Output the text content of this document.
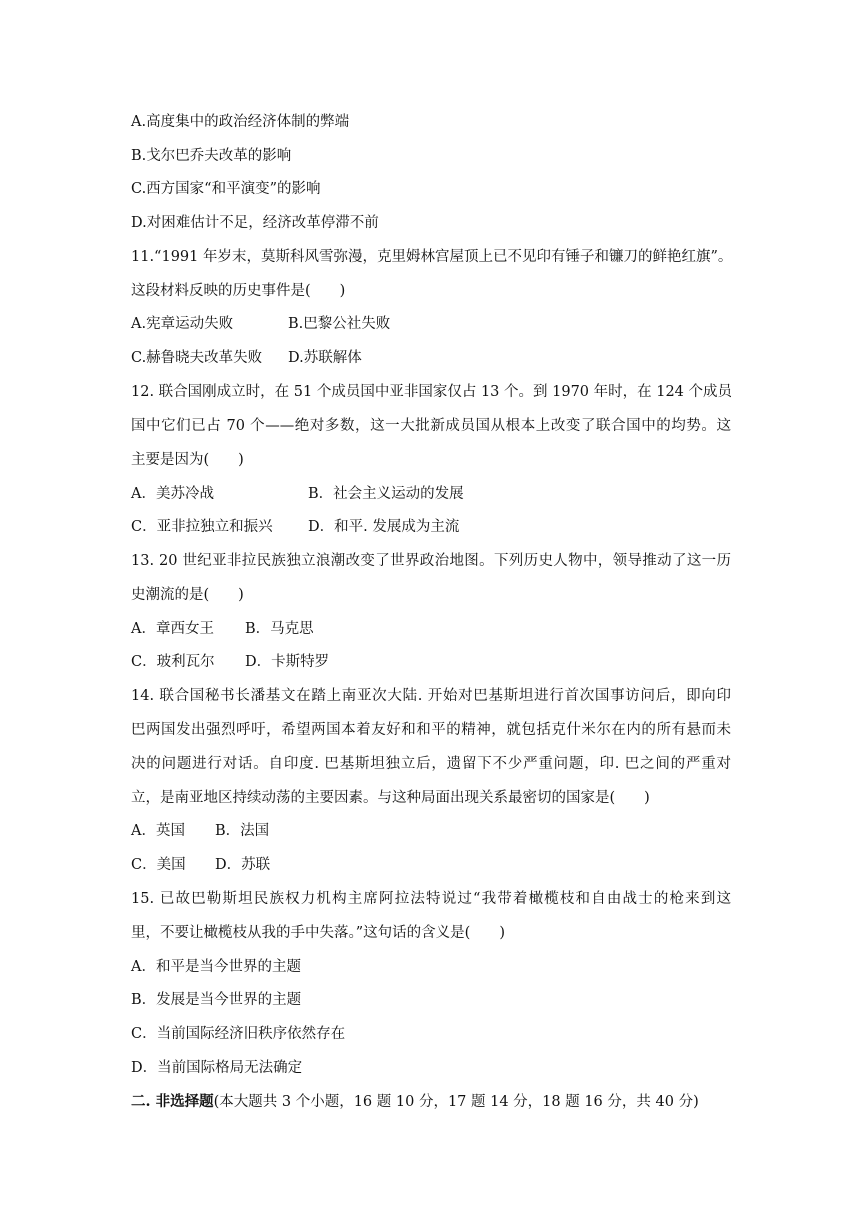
A.高度集中的政治经济体制的弊端
B.戈尔巴乔夫改革的影响
C.西方国家“和平演变”的影响
D.对困难估计不足，经济改革停滞不前
11.“1991 年岁末，莫斯科风雪弥漫，克里姆林宫屋顶上已不见印有锤子和镰刀的鲜艳红旗”。
这段材料反映的历史事件是(　　)

A.宪章运动失败

	B.巴黎公社失败

C.赫鲁晓夫改革失败

D.苏联解体

12. 联合国刚成立时，在 51 个成员国中亚非国家仅占 13 个。到 1970 年时，在 124 个成员
国中它们已占 70 个——绝对多数，这一大批新成员国从根本上改变了联合国中的均势。这
主要是因为(　　)

A．美苏冷战

	B．社会主义运动的发展

C．亚非拉独立和振兴

D．和平. 发展成为主流

13. 20 世纪亚非拉民族独立浪潮改变了世界政治地图。下列历史人物中，领导推动了这一历
史潮流的是(　　)

A．章西女王

B．马克思

C．玻利瓦尔

D．卡斯特罗

14. 联合国秘书长潘基文在踏上南亚次大陆. 开始对巴基斯坦进行首次国事访问后，即向印
巴两国发出强烈呼吁，希望两国本着友好和和平的精神，就包括克什米尔在内的所有悬而未
决的问题进行对话。自印度. 巴基斯坦独立后，遗留下不少严重问题，印. 巴之间的严重对
立，是南亚地区持续动荡的主要因素。与这种局面出现关系最密切的国家是(　　)

A．英国

B．法国

C．美国

D．苏联

15. 已故巴勒斯坦民族权力机构主席阿拉法特说过“我带着橄榄枝和自由战士的枪来到这
里，不要让橄榄枝从我的手中失落。”这句话的含义是(　　)
A．和平是当今世界的主题
B．发展是当今世界的主题
C．当前国际经济旧秩序依然存在
D．当前国际格局无法确定
二. 非选择题(本大题共 3 个小题，16 题 10 分，17 题 14 分，18 题 16 分，共 40 分)
